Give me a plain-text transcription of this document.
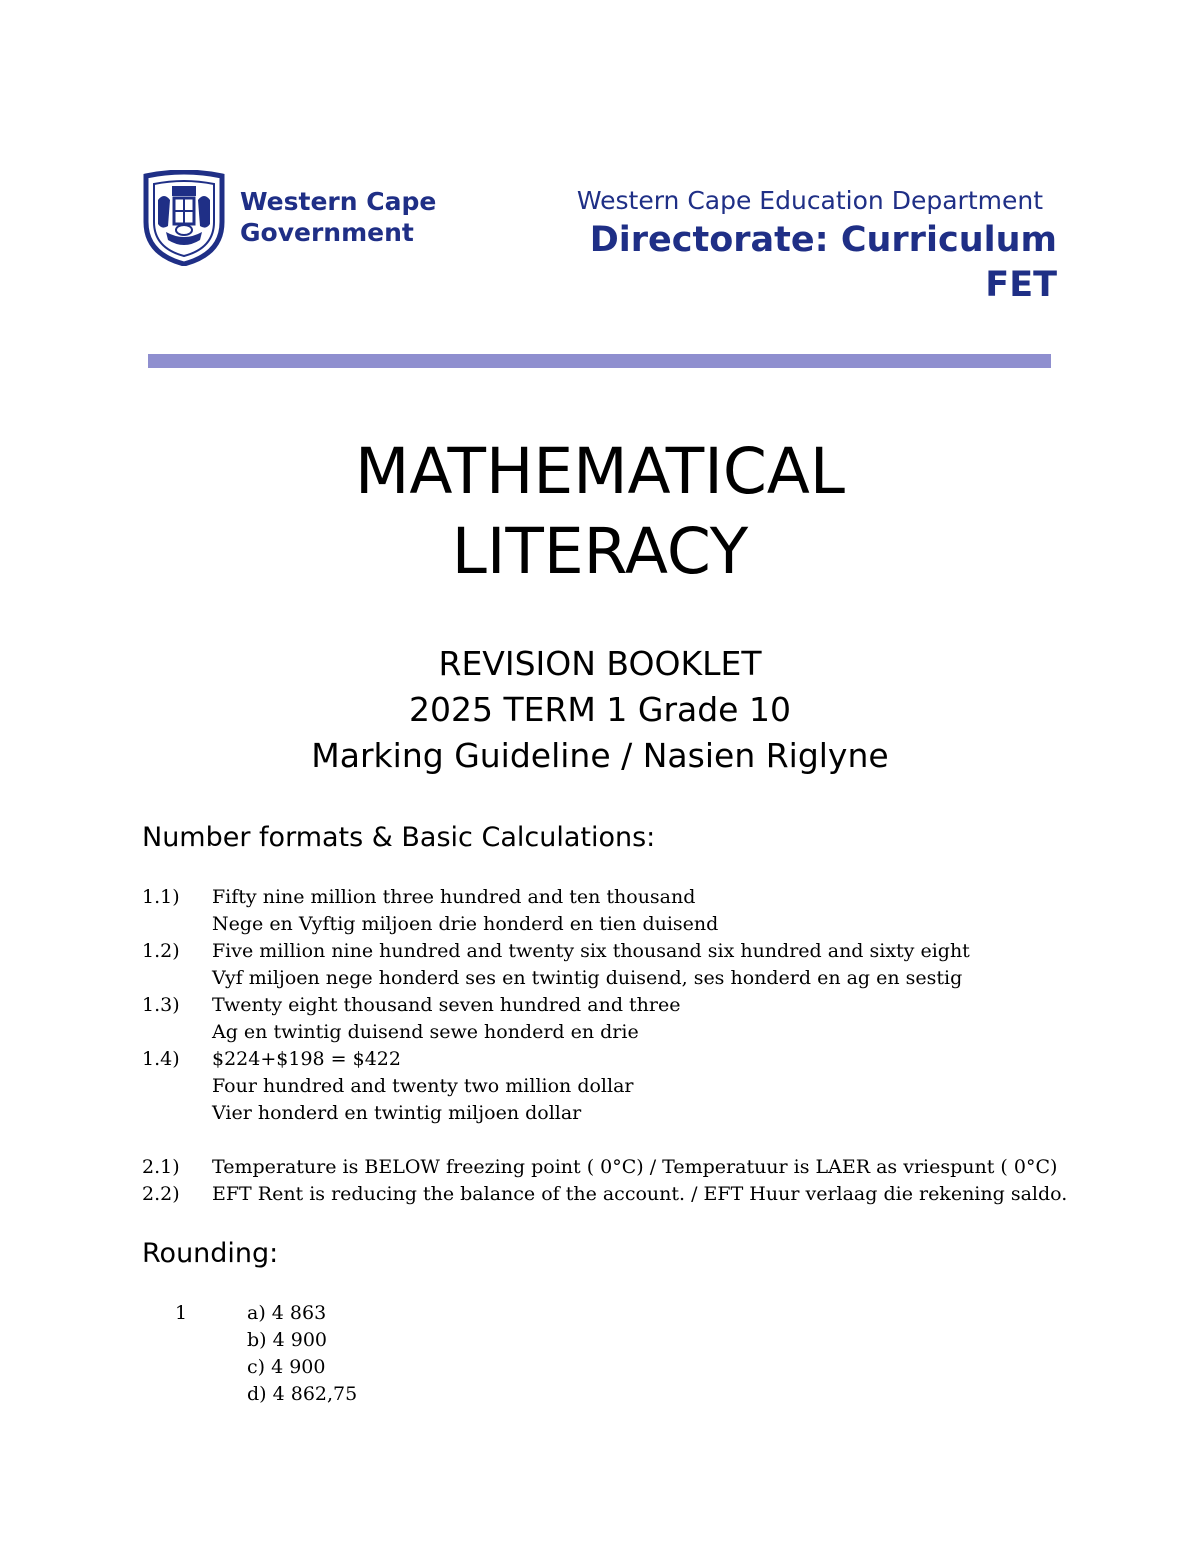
Western Cape
Government
Western Cape Education Department
Directorate: Curriculum
FET
MATHEMATICAL
LITERACY
REVISION BOOKLET
2025 TERM 1 Grade 10
Marking Guideline / Nasien Riglyne
Number formats & Basic Calculations:
1.1)	Fifty nine million three hundred and ten thousand
Nege en Vyftig miljoen drie honderd en tien duisend
1.2)	Five million nine hundred and twenty six thousand six hundred and sixty eight
Vyf miljoen nege honderd ses en twintig duisend, ses honderd en ag en sestig
1.3)	Twenty eight thousand seven hundred and three
Ag en twintig duisend sewe honderd en drie
1.4)	$224+$198 = $422
Four hundred and twenty two million dollar
Vier honderd en twintig miljoen dollar
2.1)	Temperature is BELOW freezing point ( 0°C) / Temperatuur is LAER as vriespunt ( 0°C)
2.2)	EFT Rent is reducing the balance of the account. / EFT Huur verlaag die rekening saldo.
Rounding:
1	a) 4 863
b) 4 900
c) 4 900
d) 4 862,75
